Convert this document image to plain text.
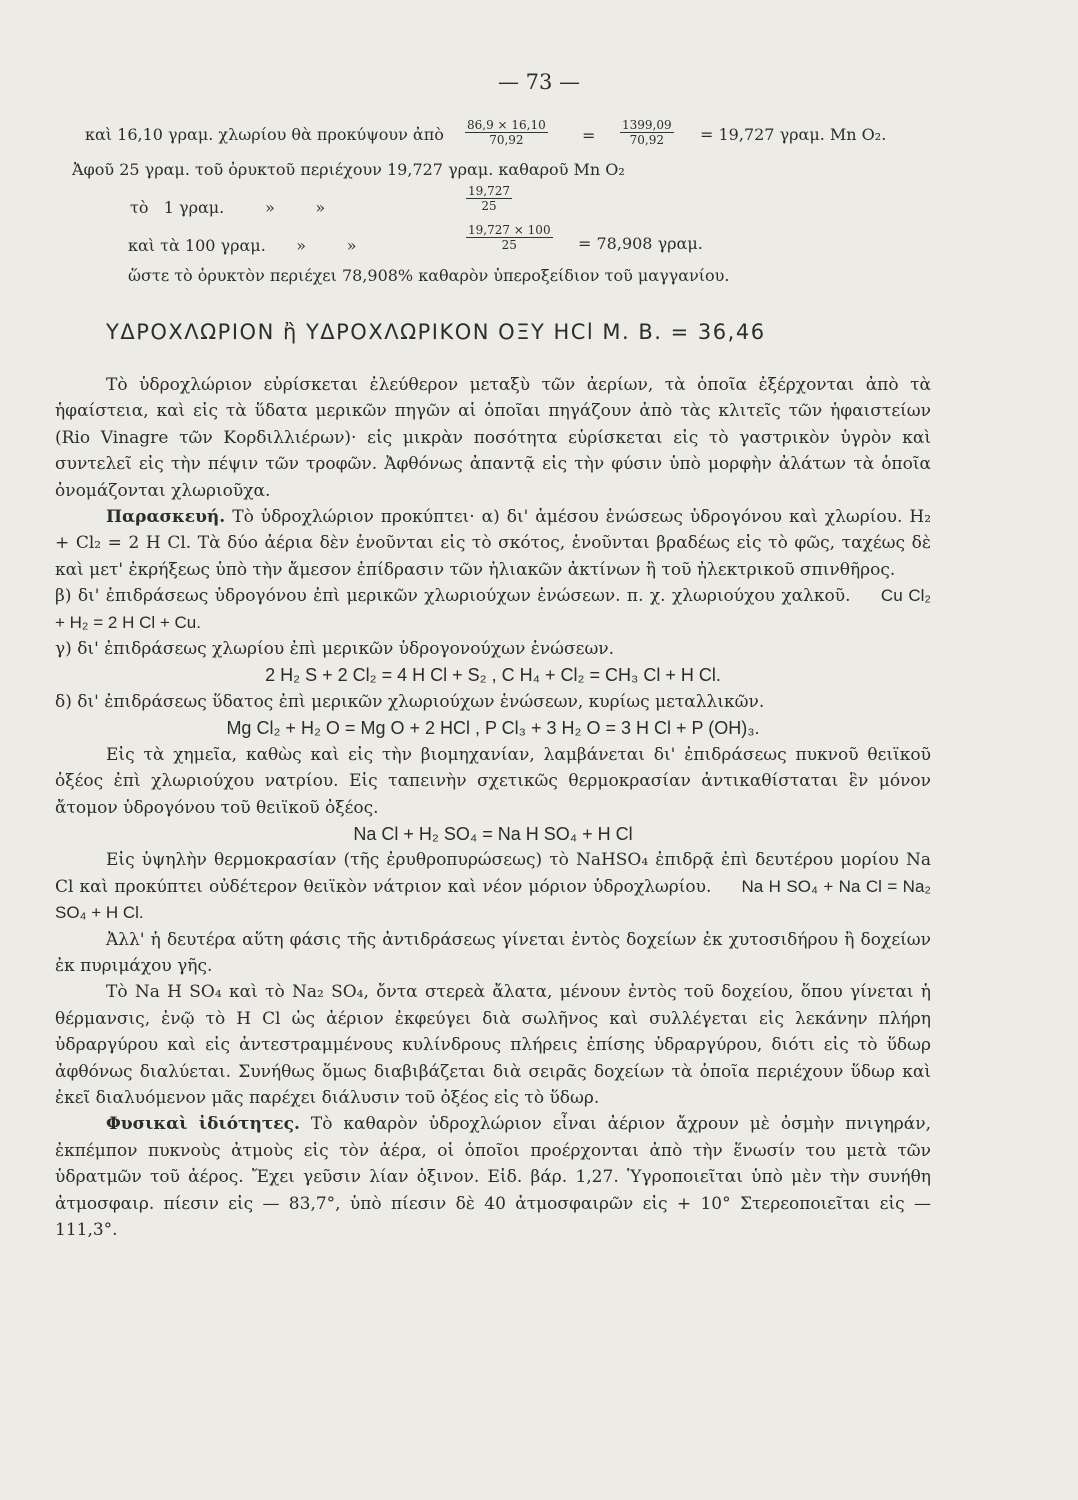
— 73 —
καὶ 16,10 γραμ. χλωρίου θὰ προκύψουν ἀπὸ $\frac{86,9 \times 16,10}{70,92} = \frac{1399,09}{70,92} = 19,727$ γραμ. Mn O₂.
Ἀφοῦ 25 γραμ. τοῦ ὀρυκτοῦ περιέχουν 19,727 γραμ. καθαροῦ Mn O₂
τὸ   1 γραμ.        »        »	$\frac{19,727}{25}$
καὶ τὰ 100 γραμ.      »        »	$\frac{19,727 \times 100}{25} = 78,908$ γραμ.
ὥστε τὸ ὀρυκτὸν περιέχει 78,908% καθαρὸν ὑπεροξείδιον τοῦ μαγγανίου.
ΥΔΡΟΧΛΩΡΙΟΝ ἢ ΥΔΡΟΧΛΩΡΙΚΟΝ ΟΞΥ HCl M. B. = 36,46

Τὸ ὑδροχλώριον εὑρίσκεται ἐλεύθερον μεταξὺ τῶν ἀερίων, τὰ ὁποῖα ἐξέρχονται ἀπὸ τὰ ἡφαίστεια, καὶ εἰς τὰ ὕδατα μερικῶν πηγῶν αἱ ὁποῖαι πηγάζουν ἀπὸ τὰς κλιτεῖς τῶν ἡφαιστείων (Rio Vinagre τῶν Κορδιλλιέρων)· εἰς μικρὰν ποσότητα εὑρίσκεται εἰς τὸ γαστρικὸν ὑγρὸν καὶ συντελεῖ εἰς τὴν πέψιν τῶν τροφῶν. Ἀφθόνως ἀπαντᾷ εἰς τὴν φύσιν ὑπὸ μορφὴν ἀλάτων τὰ ὁποῖα ὀνομάζονται χλωριοῦχα.

Παρασκευή. Τὸ ὑδροχλώριον προκύπτει· α) δι' ἀμέσου ἑνώσεως ὑδρογόνου καὶ χλωρίου. H₂ + Cl₂ = 2 H Cl. Τὰ δύο ἀέρια δὲν ἑνοῦνται εἰς τὸ σκότος, ἑνοῦνται βραδέως εἰς τὸ φῶς, ταχέως δὲ καὶ μετ' ἐκρήξεως ὑπὸ τὴν ἄμεσον ἐπίδρασιν τῶν ἡλιακῶν ἀκτίνων ἢ τοῦ ἠλεκτρικοῦ σπινθῆρος.

β) δι' ἐπιδράσεως ὑδρογόνου ἐπὶ μερικῶν χλωριούχων ἑνώσεων. π. χ. χλωριούχου χαλκοῦ. Cu Cl₂ + H₂ = 2 H Cl + Cu.

γ) δι' ἐπιδράσεως χλωρίου ἐπὶ μερικῶν ὑδρογονούχων ἑνώσεων.

2 H₂ S + 2 Cl₂ = 4 H Cl + S₂ , C H₄ + Cl₂ = CH₃ Cl + H Cl.

δ) δι' ἐπιδράσεως ὕδατος ἐπὶ μερικῶν χλωριούχων ἑνώσεων, κυρίως μεταλλικῶν.

Mg Cl₂ + H₂ O = Mg O + 2 HCl , P Cl₃ + 3 H₂ O = 3 H Cl + P (OH)₃.

Εἰς τὰ χημεῖα, καθὼς καὶ εἰς τὴν βιομηχανίαν, λαμβάνεται δι' ἐπιδράσεως πυκνοῦ θειϊκοῦ ὀξέος ἐπὶ χλωριούχου νατρίου. Εἰς ταπεινὴν σχετικῶς θερμοκρασίαν ἀντικαθίσταται ἓν μόνον ἄτομον ὑδρογόνου τοῦ θειϊκοῦ ὀξέος.

Na Cl + H₂ SO₄ = Na H SO₄ + H Cl

Εἰς ὑψηλὴν θερμοκρασίαν (τῆς ἐρυθροπυρώσεως) τὸ NaHSO₄ ἐπιδρᾷ ἐπὶ δευτέρου μορίου Na Cl καὶ προκύπτει οὐδέτερον θειϊκὸν νάτριον καὶ νέον μόριον ὑδροχλωρίου. Na H SO₄ + Na Cl = Na₂ SO₄ + H Cl.

Ἀλλ' ἡ δευτέρα αὕτη φάσις τῆς ἀντιδράσεως γίνεται ἐντὸς δοχείων ἐκ χυτοσιδήρου ἢ δοχείων ἐκ πυριμάχου γῆς.

Τὸ Na H SO₄ καὶ τὸ Na₂ SO₄, ὄντα στερεὰ ἄλατα, μένουν ἐντὸς τοῦ δοχείου, ὅπου γίνεται ἡ θέρμανσις, ἐνῷ τὸ H Cl ὡς ἀέριον ἐκφεύγει διὰ σωλῆνος καὶ συλλέγεται εἰς λεκάνην πλήρη ὑδραργύρου καὶ εἰς ἀντεστραμμένους κυλίνδρους πλήρεις ἐπίσης ὑδραργύρου, διότι εἰς τὸ ὕδωρ ἀφθόνως διαλύεται. Συνήθως ὅμως διαβιβάζεται διὰ σειρᾶς δοχείων τὰ ὁποῖα περιέχουν ὕδωρ καὶ ἐκεῖ διαλυόμενον μᾶς παρέχει διάλυσιν τοῦ ὀξέος εἰς τὸ ὕδωρ.

Φυσικαὶ ἰδιότητες. Τὸ καθαρὸν ὑδροχλώριον εἶναι ἀέριον ἄχρουν μὲ ὀσμὴν πνιγηράν, ἐκπέμπον πυκνοὺς ἀτμοὺς εἰς τὸν ἀέρα, οἱ ὁποῖοι προέρχονται ἀπὸ τὴν ἕνωσίν του μετὰ τῶν ὑδρατμῶν τοῦ ἀέρος. Ἔχει γεῦσιν λίαν ὀξινον. Εἰδ. βάρ. 1,27. Ὑγροποιεῖται ὑπὸ μὲν τὴν συνήθη ἀτμοσφαιρ. πίεσιν εἰς — 83,7°, ὑπὸ πίεσιν δὲ 40 ἀτμοσφαιρῶν εἰς + 10° Στερεοποιεῖται εἰς — 111,3°.
